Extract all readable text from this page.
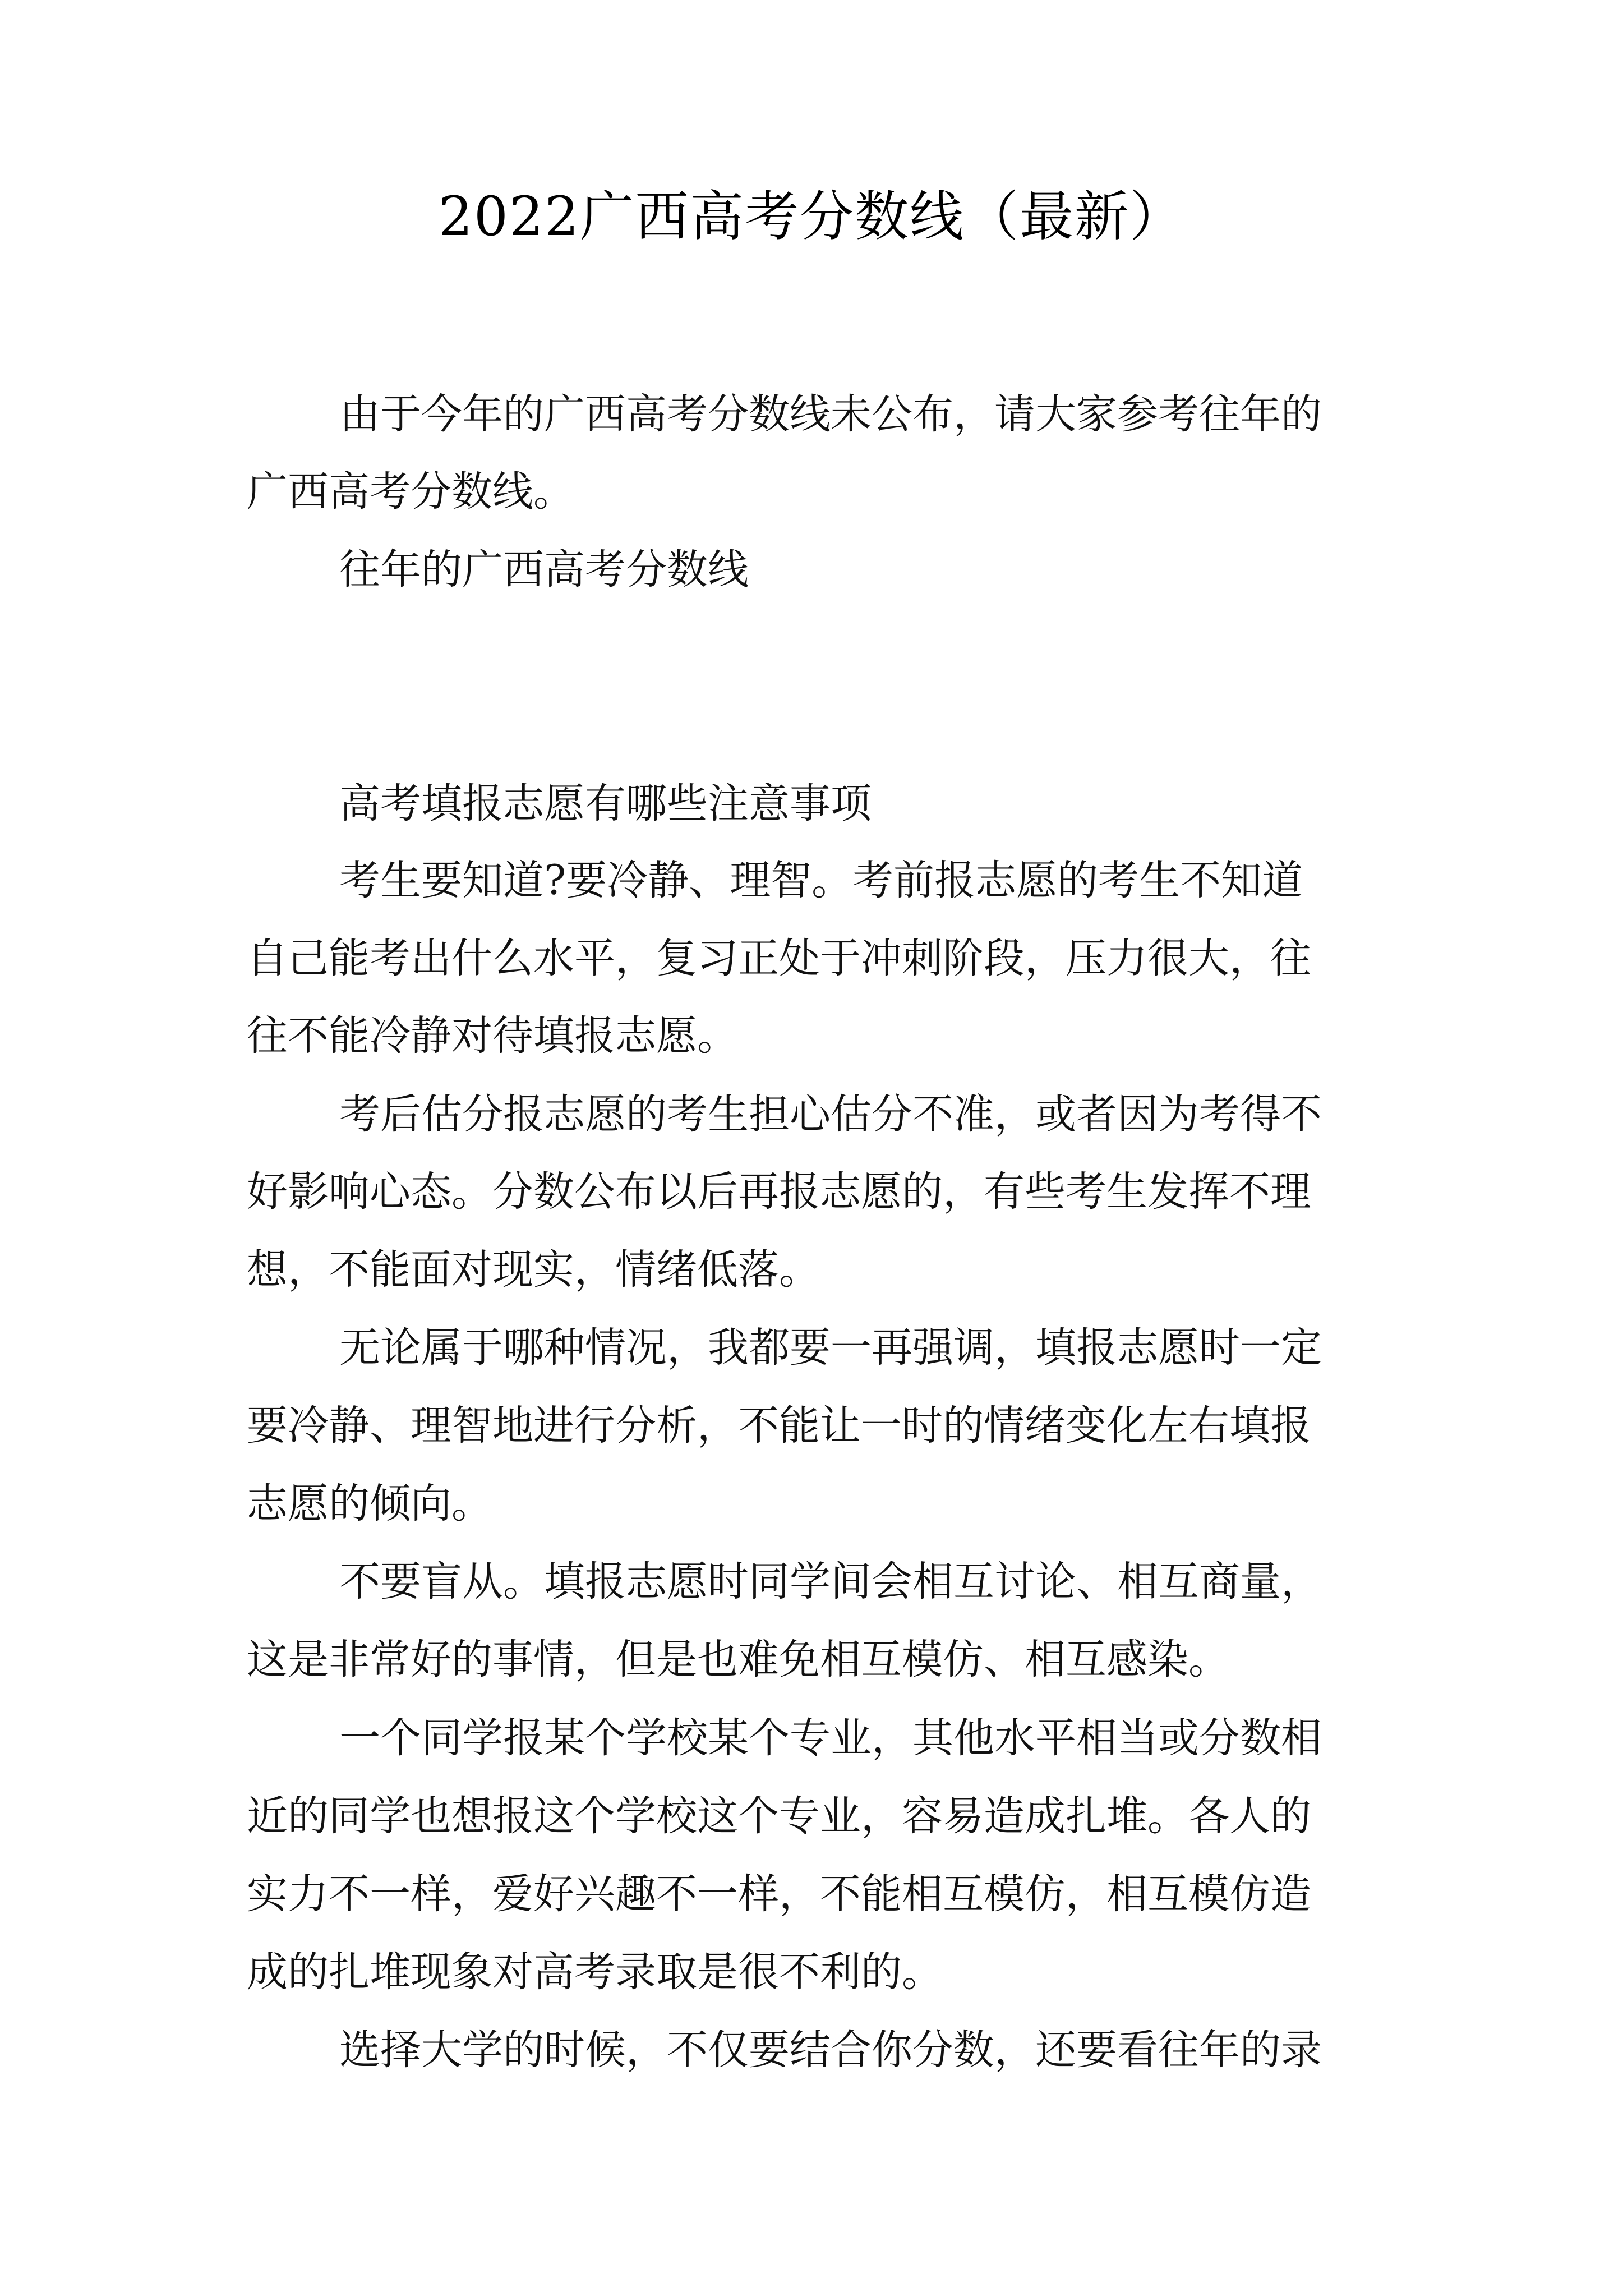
2022广西高考分数线（最新）
由于今年的广西高考分数线未公布，请大家参考往年的
广西高考分数线。
往年的广西高考分数线
高考填报志愿有哪些注意事项
考生要知道?要冷静、理智。考前报志愿的考生不知道
自己能考出什么水平，复习正处于冲刺阶段，压力很大，往
往不能冷静对待填报志愿。
考后估分报志愿的考生担心估分不准，或者因为考得不
好影响心态。分数公布以后再报志愿的，有些考生发挥不理
想，不能面对现实，情绪低落。
无论属于哪种情况，我都要一再强调，填报志愿时一定
要冷静、理智地进行分析，不能让一时的情绪变化左右填报
志愿的倾向。
不要盲从。填报志愿时同学间会相互讨论、相互商量，
这是非常好的事情，但是也难免相互模仿、相互感染。
一个同学报某个学校某个专业，其他水平相当或分数相
近的同学也想报这个学校这个专业，容易造成扎堆。各人的
实力不一样，爱好兴趣不一样，不能相互模仿，相互模仿造
成的扎堆现象对高考录取是很不利的。
选择大学的时候，不仅要结合你分数，还要看往年的录
